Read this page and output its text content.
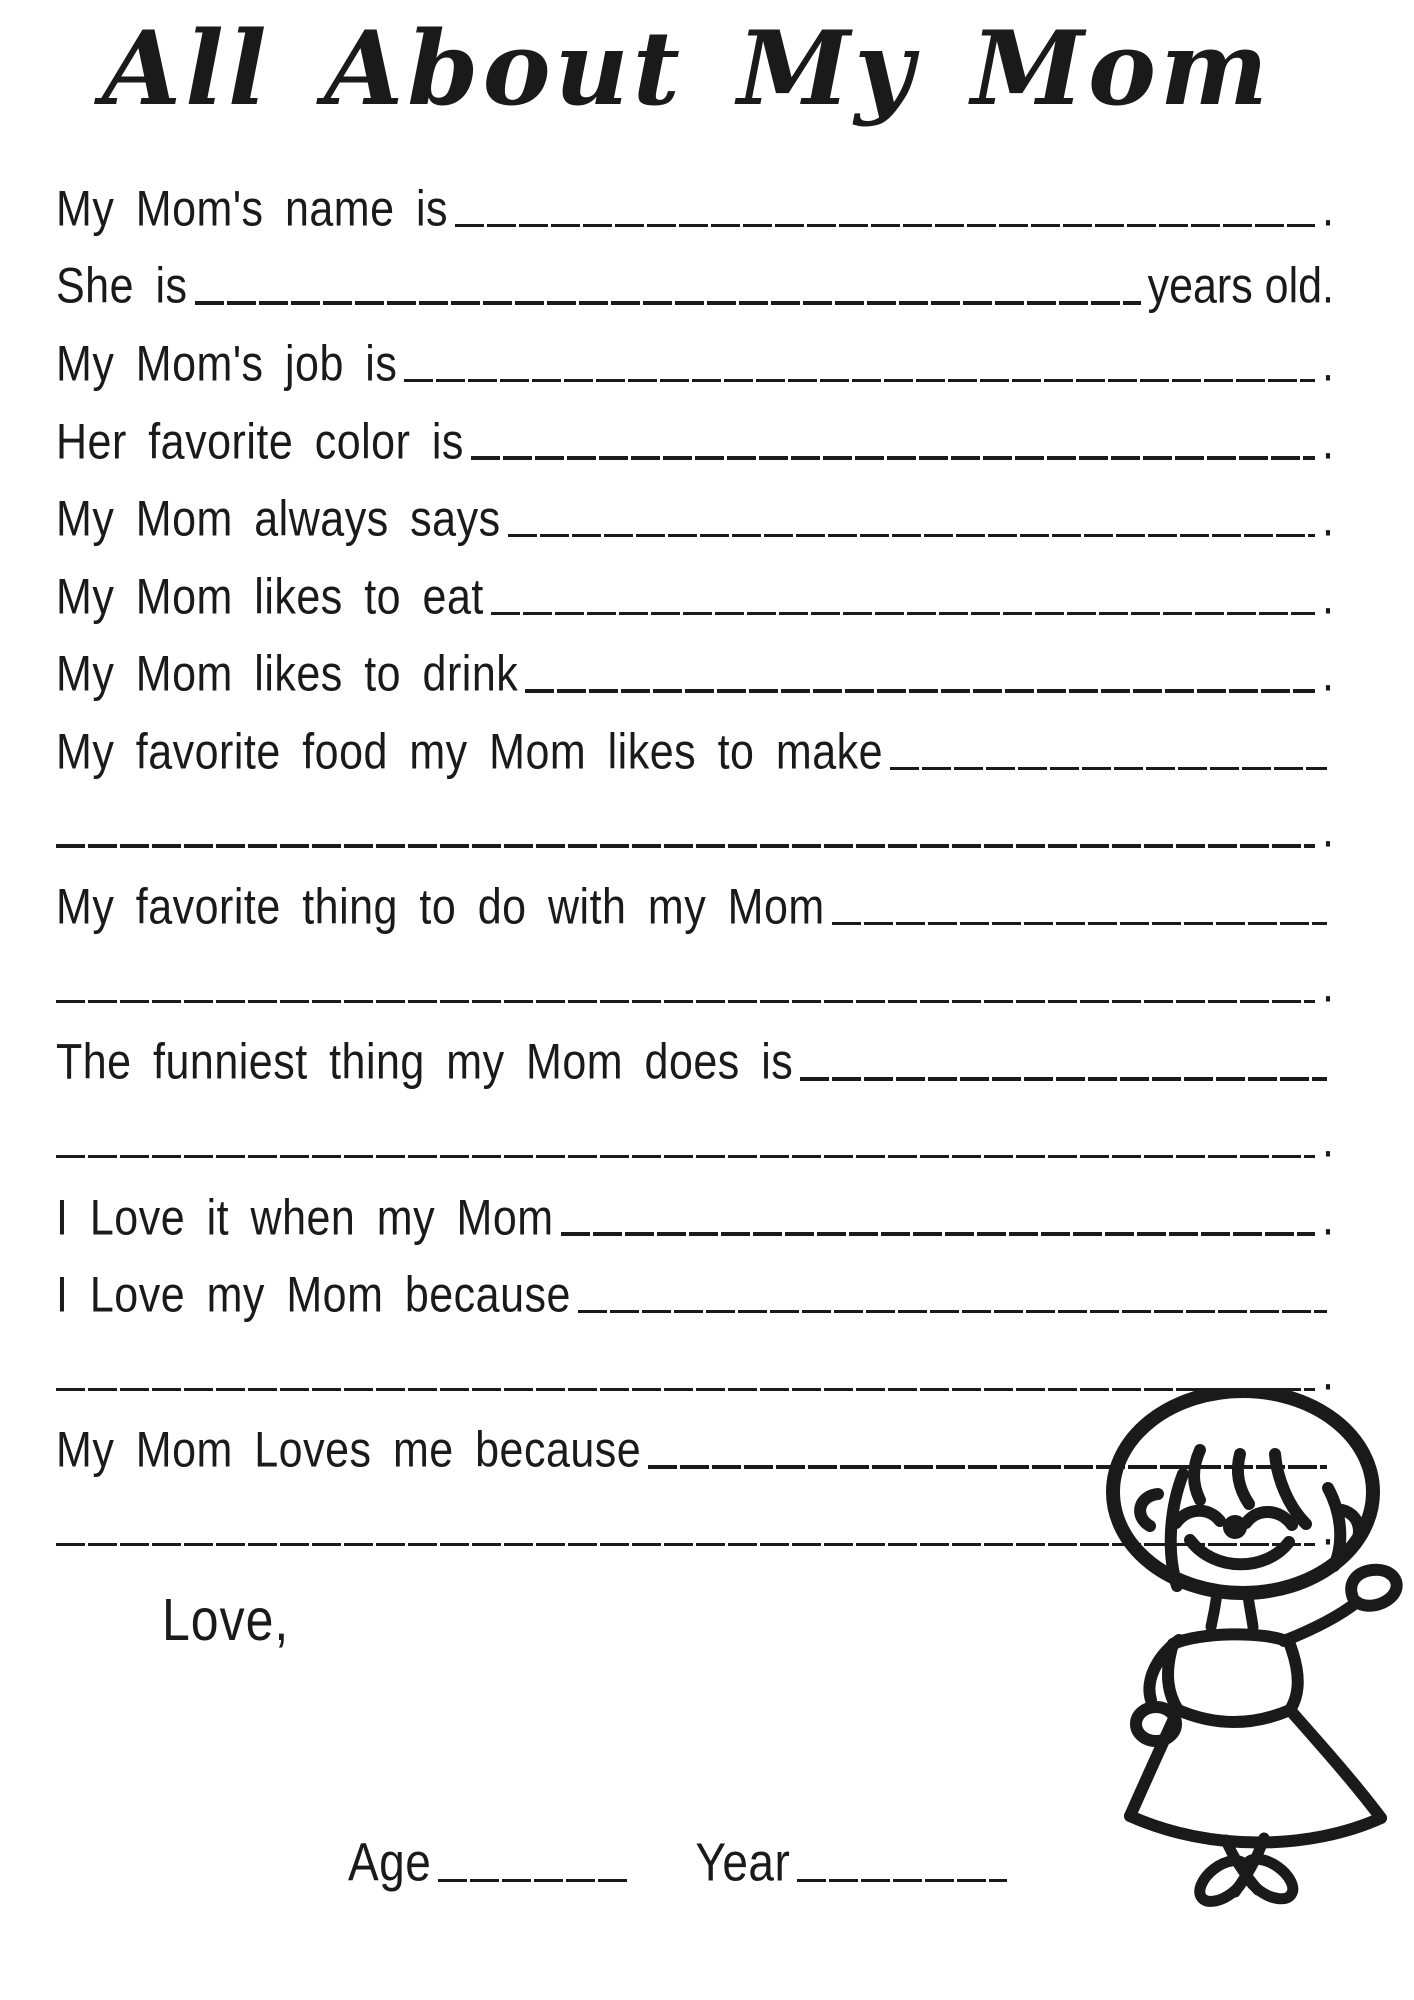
All About My Mom
My Mom's name is	.
She is	years old.
My Mom's job is	.
Her favorite color is	.
My Mom always says	.
My Mom likes to eat	.
My Mom likes to drink	.
My favorite food my Mom likes to make
.
My favorite thing to do with my Mom
.
The funniest thing my Mom does is
.
I Love it when my Mom	.
I Love my Mom because
.
My Mom Loves me because
.
Love,
Age	Year
